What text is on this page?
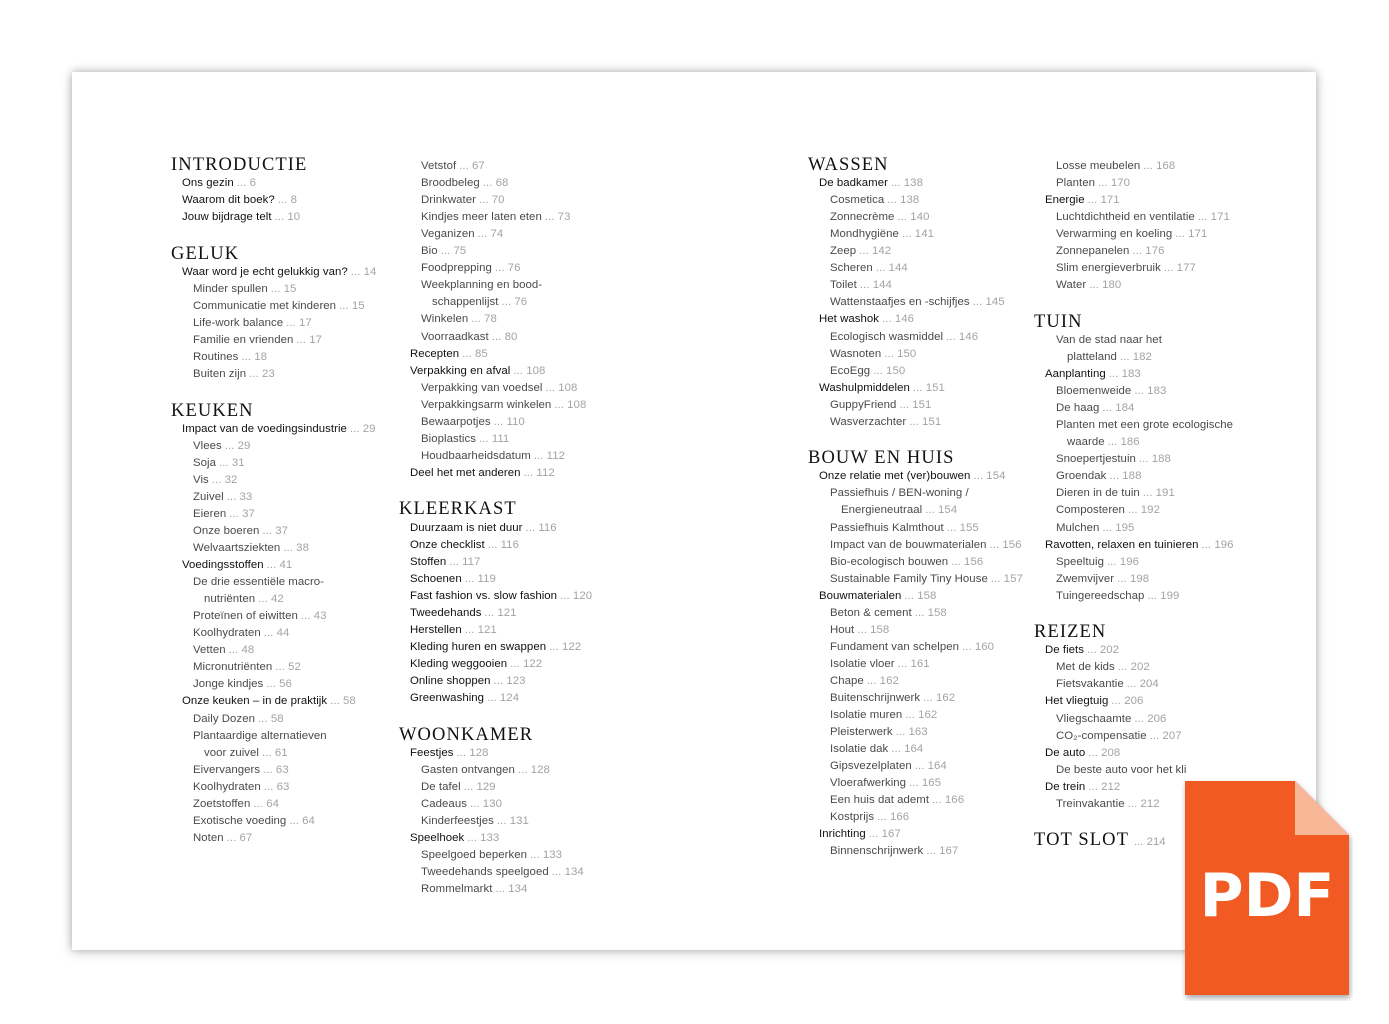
INTRODUCTIE
Ons gezin ... 6
Waarom dit boek? ... 8
Jouw bijdrage telt ... 10
GELUK
Waar word je echt gelukkig van? ... 14
Minder spullen ... 15
Communicatie met kinderen ... 15
Life-work balance ... 17
Familie en vrienden ... 17
Routines ... 18
Buiten zijn ... 23
KEUKEN
Impact van de voedingsindustrie ... 29
Vlees ... 29
Soja ... 31
Vis ... 32
Zuivel ... 33
Eieren ... 37
Onze boeren ... 37
Welvaartsziekten ... 38
Voedingsstoffen ... 41
De drie essentiële macro-
nutriënten ... 42
Proteïnen of eiwitten ... 43
Koolhydraten ... 44
Vetten ... 48
Micronutriënten ... 52
Jonge kindjes ... 56
Onze keuken – in de praktijk ... 58
Daily Dozen ... 58
Plantaardige alternatieven
voor zuivel ... 61
Eivervangers ... 63
Koolhydraten ... 63
Zoetstoffen ... 64
Exotische voeding ... 64
Noten ... 67
Vetstof ... 67
Broodbeleg ... 68
Drinkwater ... 70
Kindjes meer laten eten ... 73
Veganizen ... 74
Bio ... 75
Foodprepping ... 76
Weekplanning en bood-
schappenlijst ... 76
Winkelen ... 78
Voorraadkast ... 80
Recepten ... 85
Verpakking en afval ... 108
Verpakking van voedsel ... 108
Verpakkingsarm winkelen ... 108
Bewaarpotjes ... 110
Bioplastics ... 111
Houdbaarheidsdatum ... 112
Deel het met anderen ... 112
KLEERKAST
Duurzaam is niet duur ... 116
Onze checklist ... 116
Stoffen ... 117
Schoenen ... 119
Fast fashion vs. slow fashion ... 120
Tweedehands ... 121
Herstellen ... 121
Kleding huren en swappen ... 122
Kleding weggooien ... 122
Online shoppen ... 123
Greenwashing ... 124
WOONKAMER
Feestjes ... 128
Gasten ontvangen ... 128
De tafel ... 129
Cadeaus ... 130
Kinderfeestjes ... 131
Speelhoek ... 133
Speelgoed beperken ... 133
Tweedehands speelgoed ... 134
Rommelmarkt ... 134
WASSEN
De badkamer ... 138
Cosmetica ... 138
Zonnecrème ... 140
Mondhygiëne ... 141
Zeep ... 142
Scheren ... 144
Toilet ... 144
Wattenstaafjes en -schijfjes ... 145
Het washok ... 146
Ecologisch wasmiddel ... 146
Wasnoten ... 150
EcoEgg ... 150
Washulpmiddelen ... 151
GuppyFriend ... 151
Wasverzachter ... 151
BOUW EN HUIS
Onze relatie met (ver)bouwen ... 154
Passiefhuis / BEN-woning /
Energieneutraal ... 154
Passiefhuis Kalmthout ... 155
Impact van de bouwmaterialen ... 156
Bio-ecologisch bouwen ... 156
Sustainable Family Tiny House ... 157
Bouwmaterialen ... 158
Beton & cement ... 158
Hout ... 158
Fundament van schelpen ... 160
Isolatie vloer ... 161
Chape ... 162
Buitenschrijnwerk ... 162
Isolatie muren ... 162
Pleisterwerk ... 163
Isolatie dak ... 164
Gipsvezelplaten ... 164
Vloerafwerking ... 165
Een huis dat ademt ... 166
Kostprijs ... 166
Inrichting ... 167
Binnenschrijnwerk ... 167
Losse meubelen ... 168
Planten ... 170
Energie ... 171
Luchtdichtheid en ventilatie ... 171
Verwarming en koeling ... 171
Zonnepanelen ... 176
Slim energieverbruik ... 177
Water ... 180
TUIN
Van de stad naar het
platteland ... 182
Aanplanting ... 183
Bloemenweide ... 183
De haag ... 184
Planten met een grote ecologische
waarde ... 186
Snoepertjestuin ... 188
Groendak ... 188
Dieren in de tuin ... 191
Composteren ... 192
Mulchen ... 195
Ravotten, relaxen en tuinieren ... 196
Speeltuig ... 196
Zwemvijver ... 198
Tuingereedschap ... 199
REIZEN
De fiets ... 202
Met de kids ... 202
Fietsvakantie ... 204
Het vliegtuig ... 206
Vliegschaamte ... 206
CO₂-compensatie ... 207
De auto ... 208
De beste auto voor het kli
De trein ... 212
Treinvakantie ... 212
TOT SLOT ... 214
PDF
